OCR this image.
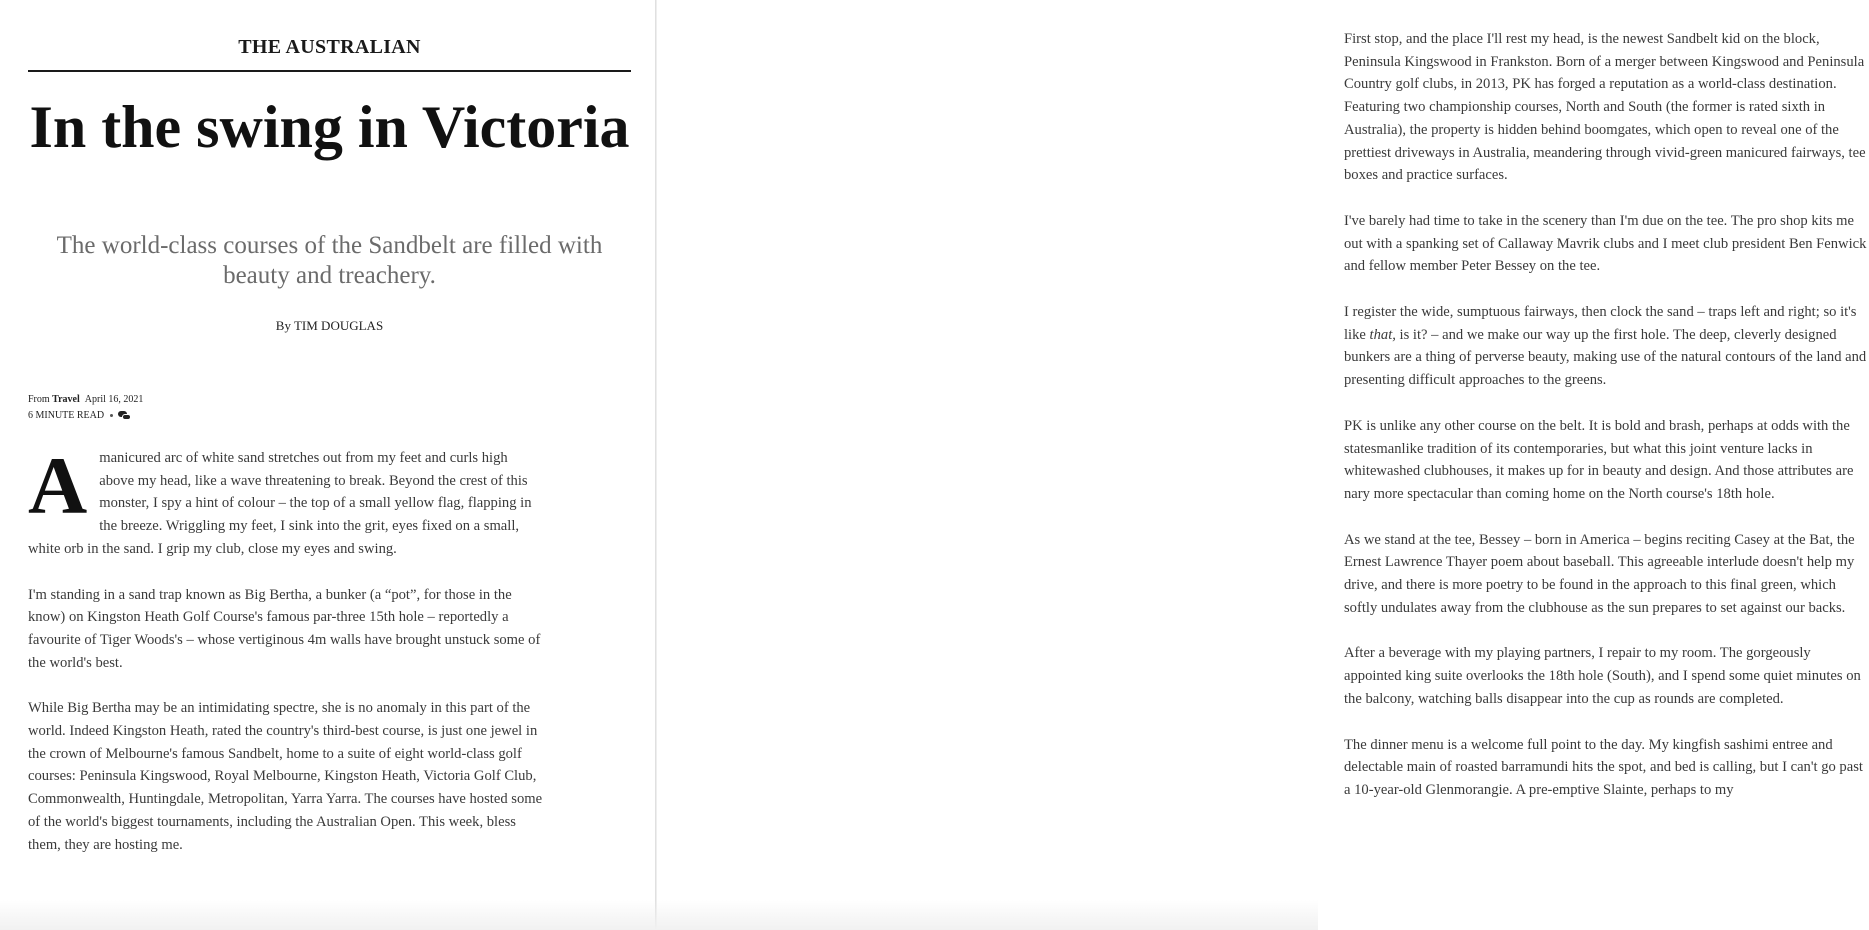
THE AUSTRALIAN
In the swing in Victoria
The world-class courses of the Sandbelt are filled with beauty and treachery.
By TIM DOUGLAS
From Travel April 16, 2021
6 MINUTE READ

Amanicured arc of white sand stretches out from my feet and curls high above my head, like a wave threatening to break. Beyond the crest of this monster, I spy a hint of colour – the top of a small yellow flag, flapping in the breeze. Wriggling my feet, I sink into the grit, eyes fixed on a small, white orb in the sand. I grip my club, close my eyes and swing.

I'm standing in a sand trap known as Big Bertha, a bunker (a “pot”, for those in the know) on Kingston Heath Golf Course's famous par-three 15th hole – reportedly a favourite of Tiger Woods's – whose vertiginous 4m walls have brought unstuck some of the world's best.

While Big Bertha may be an intimidating spectre, she is no anomaly in this part of the world. Indeed Kingston Heath, rated the country's third-best course, is just one jewel in the crown of Melbourne's famous Sandbelt, home to a suite of eight world-class golf courses: Peninsula Kingswood, Royal Melbourne, Kingston Heath, Victoria Golf Club, Commonwealth, Huntingdale, Metropolitan, Yarra Yarra. The courses have hosted some of the world's biggest tournaments, including the Australian Open. This week, bless them, they are hosting me.

First stop, and the place I'll rest my head, is the newest Sandbelt kid on the block, Peninsula Kingswood in Frankston. Born of a merger between Kingswood and Peninsula Country golf clubs, in 2013, PK has forged a reputation as a world-class destination. Featuring two championship courses, North and South (the former is rated sixth in Australia), the property is hidden behind boomgates, which open to reveal one of the prettiest driveways in Australia, meandering through vivid-green manicured fairways, tee boxes and practice surfaces.

I've barely had time to take in the scenery than I'm due on the tee. The pro shop kits me out with a spanking set of Callaway Mavrik clubs and I meet club president Ben Fenwick and fellow member Peter Bessey on the tee.

I register the wide, sumptuous fairways, then clock the sand – traps left and right; so it's like that, is it? – and we make our way up the first hole. The deep, cleverly designed bunkers are a thing of perverse beauty, making use of the natural contours of the land and presenting difficult approaches to the greens.

PK is unlike any other course on the belt. It is bold and brash, perhaps at odds with the statesmanlike tradition of its contemporaries, but what this joint venture lacks in whitewashed clubhouses, it makes up for in beauty and design. And those attributes are nary more spectacular than coming home on the North course's 18th hole.

As we stand at the tee, Bessey – born in America – begins reciting Casey at the Bat, the Ernest Lawrence Thayer poem about baseball. This agreeable interlude doesn't help my drive, and there is more poetry to be found in the approach to this final green, which softly undulates away from the clubhouse as the sun prepares to set against our backs.

After a beverage with my playing partners, I repair to my room. The gorgeously appointed king suite overlooks the 18th hole (South), and I spend some quiet minutes on the balcony, watching balls disappear into the cup as rounds are completed.

The dinner menu is a welcome full point to the day. My kingfish sashimi entree and delectable main of roasted barramundi hits the spot, and bed is calling, but I can't go past a 10-year-old Glenmorangie. A pre-emptive Slainte, perhaps to my
